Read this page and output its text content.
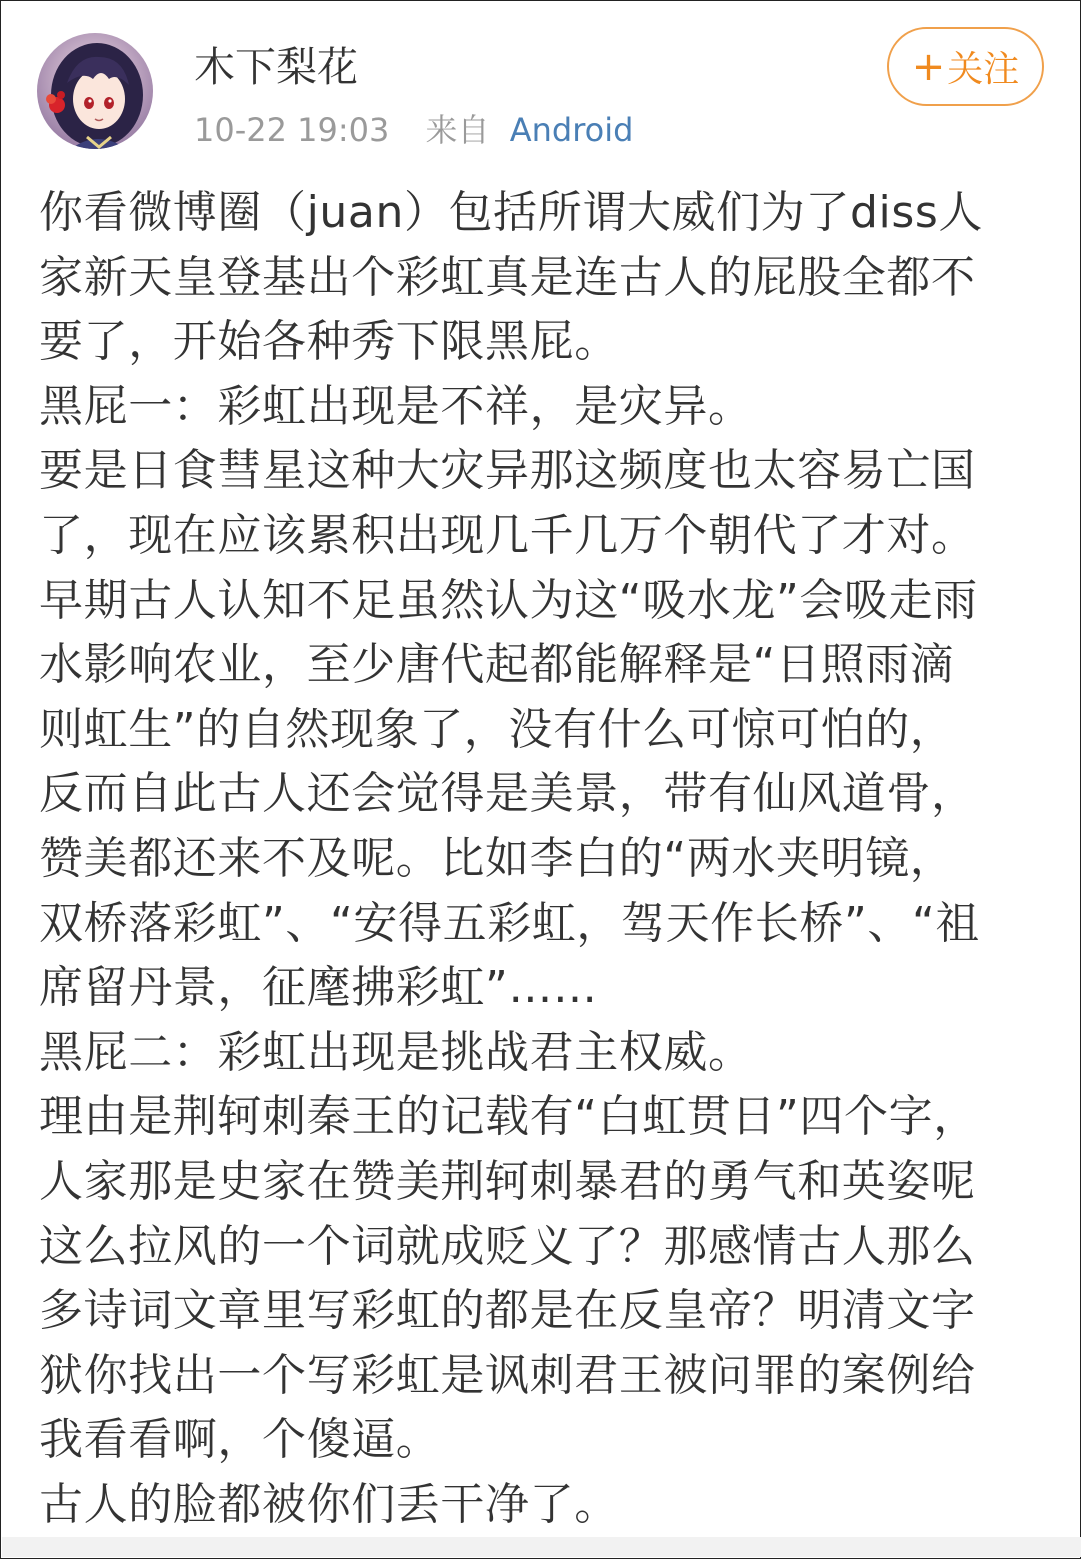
木下梨花
10-22 19:03 来自 Android
+ 关注
你看微博圈（juan）包括所谓大威们为了diss人
家新天皇登基出个彩虹真是连古人的屁股全都不
要了，开始各种秀下限黑屁。
黑屁一：彩虹出现是不祥，是灾异。
要是日食彗星这种大灾异那这频度也太容易亡国
了，现在应该累积出现几千几万个朝代了才对。
早期古人认知不足虽然认为这“吸水龙”会吸走雨
水影响农业，至少唐代起都能解释是“日照雨滴
则虹生”的自然现象了，没有什么可惊可怕的，
反而自此古人还会觉得是美景，带有仙风道骨，
赞美都还来不及呢。比如李白的“两水夹明镜，
双桥落彩虹”、“安得五彩虹，驾天作长桥”、“祖
席留丹景，征麾拂彩虹”……
黑屁二：彩虹出现是挑战君主权威。
理由是荆轲刺秦王的记载有“白虹贯日”四个字，
人家那是史家在赞美荆轲刺暴君的勇气和英姿呢
这么拉风的一个词就成贬义了？那感情古人那么
多诗词文章里写彩虹的都是在反皇帝？明清文字
狱你找出一个写彩虹是讽刺君王被问罪的案例给
我看看啊，个傻逼。
古人的脸都被你们丢干净了。
